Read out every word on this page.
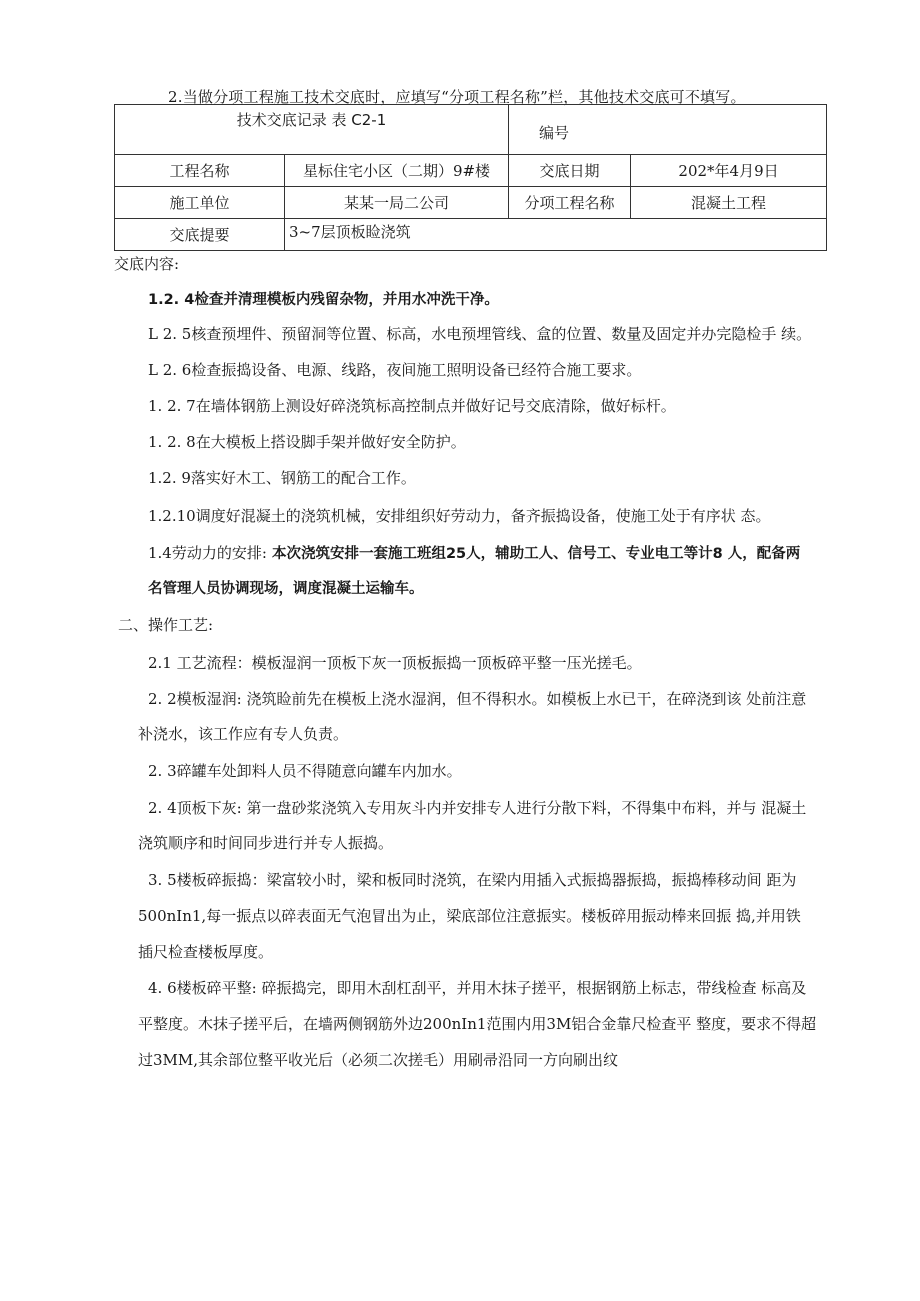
2.当做分项工程施工技术交底时，应填写“分项工程名称”栏，其他技术交底可不填写。
技术交底记录 表 C2-1		编号	
工程名称	星标住宅小区（二期）9#楼	交底日期	202*年4月9日
施工单位	某某一局二公司	分项工程名称	混凝土工程
交底提要	3~7层顶板睑浇筑		
交底内容:
1.2. 4检查并清理模板内残留杂物，并用水冲洗干净。
L 2. 5核查预埋件、预留洞等位置、标高，水电预埋管线、盒的位置、数量及固定并办完隐检手 续。
L 2. 6检查振捣设备、电源、线路，夜间施工照明设备已经符合施工要求。
1. 2. 7在墙体钢筋上测设好碎浇筑标高控制点并做好记号交底清除，做好标杆。
1. 2. 8在大模板上搭设脚手架并做好安全防护。
1.2. 9落实好木工、钢筋工的配合工作。
1.2.10调度好混凝土的浇筑机械，安排组织好劳动力，备齐振捣设备，使施工处于有序状 态。
1.4劳动力的安排: 本次浇筑安排一套施工班组25人，辅助工人、信号工、专业电工等计8 人，配备两
名管理人员协调现场，调度混凝土运输车。
二、操作工艺:
2.1 工艺流程：模板湿润一顶板下灰一顶板振捣一顶板碎平整一压光搓毛。
2. 2模板湿润: 浇筑睑前先在模板上浇水湿润，但不得积水。如模板上水已干，在碎浇到该 处前注意
补浇水，该工作应有专人负责。
2. 3碎罐车处卸料人员不得随意向罐车内加水。
2. 4顶板下灰: 第一盘砂浆浇筑入专用灰斗内并安排专人进行分散下料，不得集中布料，并与 混凝土
浇筑顺序和时间同步进行并专人振捣。
3. 5楼板碎振捣：梁富较小时，梁和板同时浇筑，在梁内用插入式振捣器振捣，振捣棒移动间 距为
500nIn1,每一振点以碎表面无气泡冒出为止，梁底部位注意振实。楼板碎用振动棒来回振 捣,并用铁
插尺检查楼板厚度。
4. 6楼板碎平整: 碎振捣完，即用木刮杠刮平，并用木抹子搓平，根据钢筋上标志，带线检查 标高及
平整度。木抹子搓平后，在墙两侧钢筋外边200nIn1范围内用3M铝合金靠尺检查平 整度，要求不得超
过3MM,其余部位整平收光后（必须二次搓毛）用刷帚沿同一方向刷出纹
